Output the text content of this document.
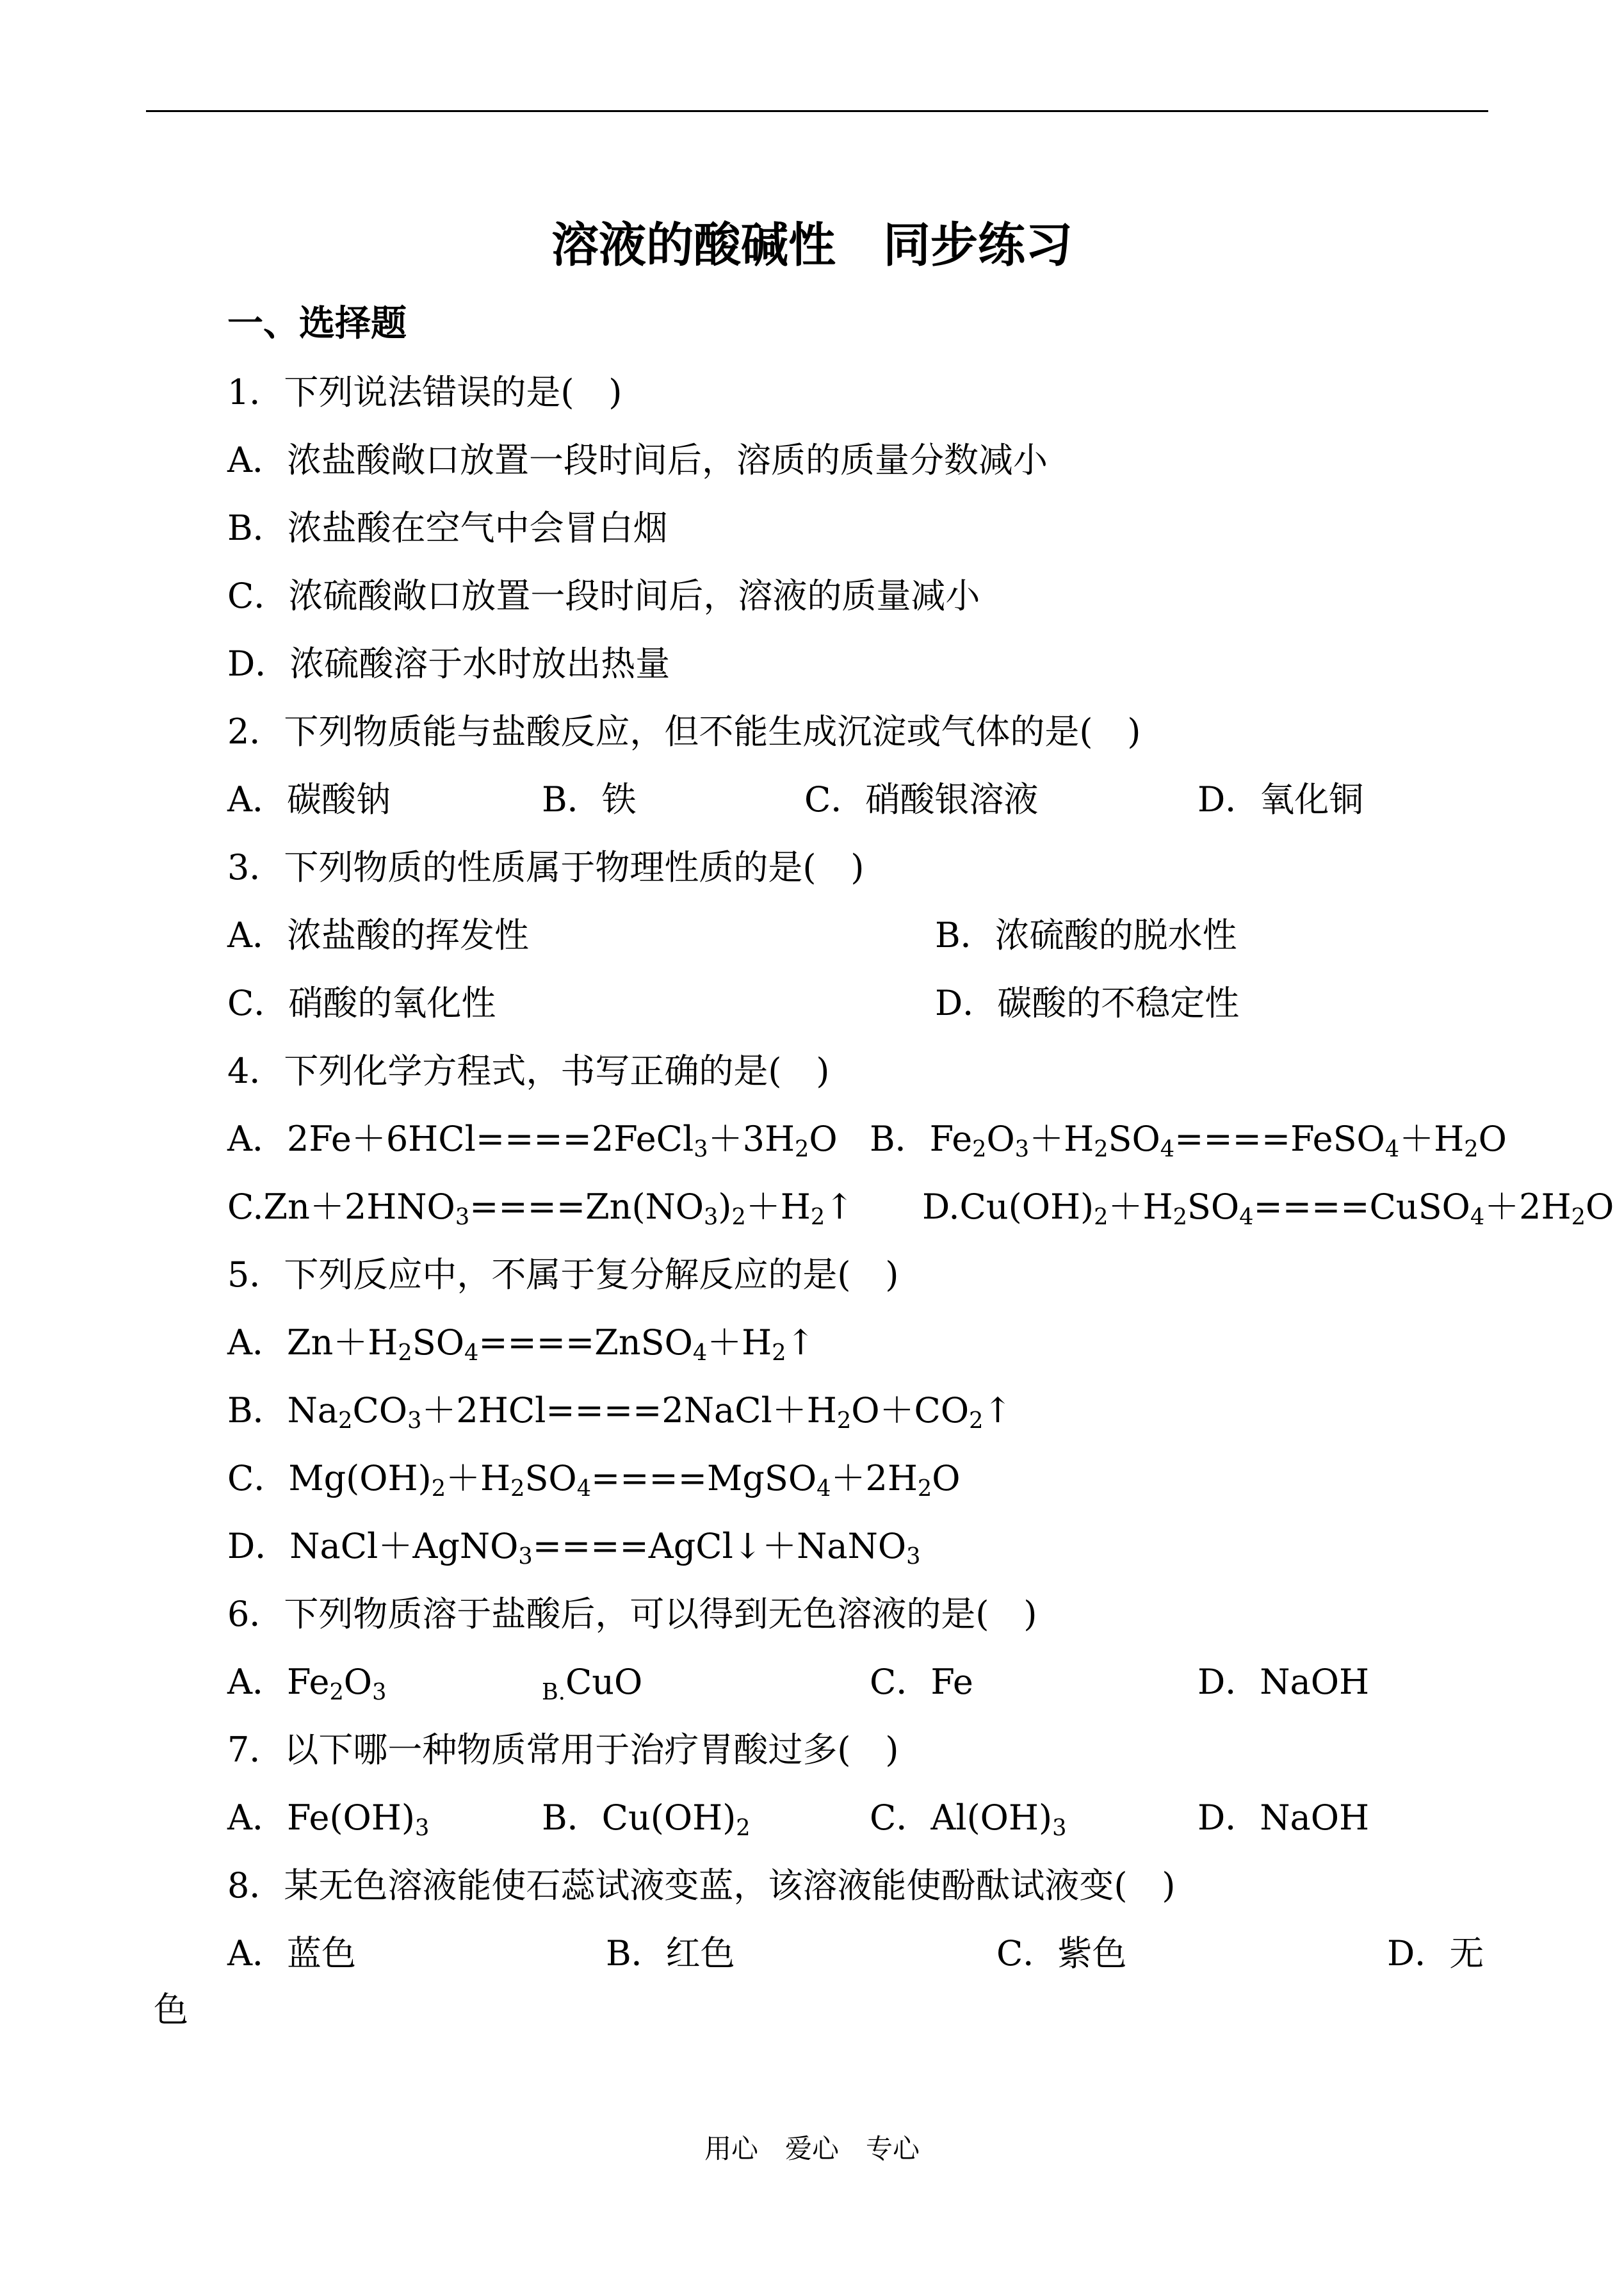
溶液的酸碱性　同步练习
一、选择题
1．下列说法错误的是(　)
A．浓盐酸敞口放置一段时间后，溶质的质量分数减小
B．浓盐酸在空气中会冒白烟
C．浓硫酸敞口放置一段时间后，溶液的质量减小
D．浓硫酸溶于水时放出热量
2．下列物质能与盐酸反应，但不能生成沉淀或气体的是(　)
A．碳酸钠	B．铁	C．硝酸银溶液	D．氧化铜
3．下列物质的性质属于物理性质的是(　)
A．浓盐酸的挥发性	B．浓硫酸的脱水性
C．硝酸的氧化性	D．碳酸的不稳定性
4．下列化学方程式，书写正确的是(　)
A．$2Fe+6HCl====2FeCl_3+3H_2O$ B．$Fe_2O_3+H_2SO_4====FeSO_4+H_2O$
$C.Zn+2HNO_3====Zn(NO_3)_2+H_2↑$ $D.Cu(OH)_2+H_2SO_4====CuSO_4+2H_2O$
5．下列反应中，不属于复分解反应的是(　)
A．$Zn+H_2SO_4====ZnSO_4+H_2↑$
B．$Na_2CO_3+2HCl====2NaCl+H_2O+CO_2↑$
C．$Mg(OH)_2+H_2SO_4====MgSO_4+2H_2O$
D．NaCl＋AgNO$_3$====AgCl↓＋NaNO$_3$
6．下列物质溶于盐酸后，可以得到无色溶液的是(　)
A．$Fe_2O_3$	$_{B.}$CuO	C．Fe	D．NaOH
7．以下哪一种物质常用于治疗胃酸过多(　)
A．$Fe(OH)_3$	B．$Cu(OH)_2$	C．$Al(OH)_3$	D．NaOH
8．某无色溶液能使石蕊试液变蓝，该溶液能使酚酞试液变(　)
A．蓝色	B．红色	C．紫色	D．无
色
用心　爱心　专心
